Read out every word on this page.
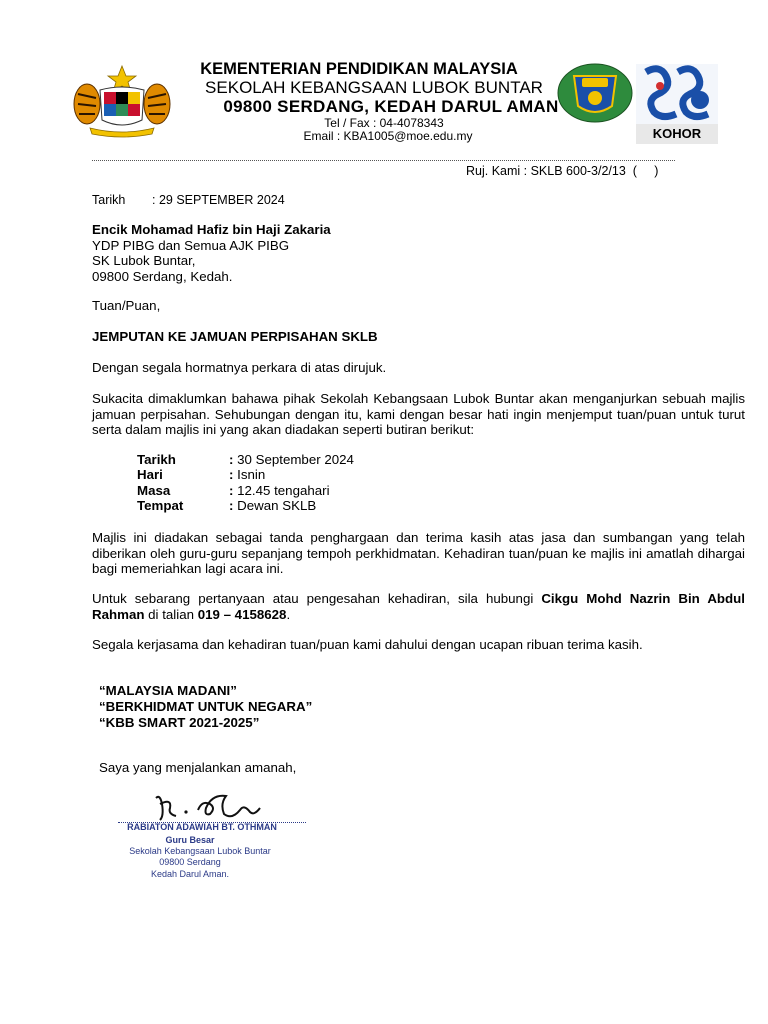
KOHOR
KEMENTERIAN PENDIDIKAN MALAYSIA
SEKOLAH KEBANGSAAN LUBOK BUNTAR
09800 SERDANG, KEDAH DARUL AMAN
Tel / Fax : 04-4078343
Email : KBA1005@moe.edu.my
Ruj. Kami : SKLB 600-3/2/13  (     )
Tarikh : 29 SEPTEMBER 2024
Encik Mohamad Hafiz bin Haji Zakaria
YDP PIBG dan Semua AJK PIBG
SK Lubok Buntar,
09800 Serdang, Kedah.
Tuan/Puan,
JEMPUTAN KE JAMUAN PERPISAHAN SKLB
Dengan segala hormatnya perkara di atas dirujuk.
Sukacita dimaklumkan bahawa pihak Sekolah Kebangsaan Lubok Buntar akan menganjurkan sebuah majlis jamuan perpisahan. Sehubungan dengan itu, kami dengan besar hati ingin menjemput tuan/puan untuk turut serta dalam majlis ini yang akan diadakan seperti butiran berikut:
Tarikh	: 30 September 2024
Hari	: Isnin
Masa	: 12.45 tengahari
Tempat	: Dewan SKLB
Majlis ini diadakan sebagai tanda penghargaan dan terima kasih atas jasa dan sumbangan yang telah diberikan oleh guru-guru sepanjang tempoh perkhidmatan. Kehadiran tuan/puan ke majlis ini amatlah dihargai bagi memeriahkan lagi acara ini.
Untuk sebarang pertanyaan atau pengesahan kehadiran, sila hubungi Cikgu Mohd Nazrin Bin Abdul Rahman di talian 019 – 4158628.
Segala kerjasama dan kehadiran tuan/puan kami dahului dengan ucapan ribuan terima kasih.
“MALAYSIA MADANI”
“BERKHIDMAT UNTUK NEGARA”
“KBB SMART 2021-2025”
Saya yang menjalankan amanah,
RABIATON ADAWIAH BT. OTHMAN
Guru Besar
Sekolah Kebangsaan Lubok Buntar
09800 Serdang
Kedah Darul Aman.
